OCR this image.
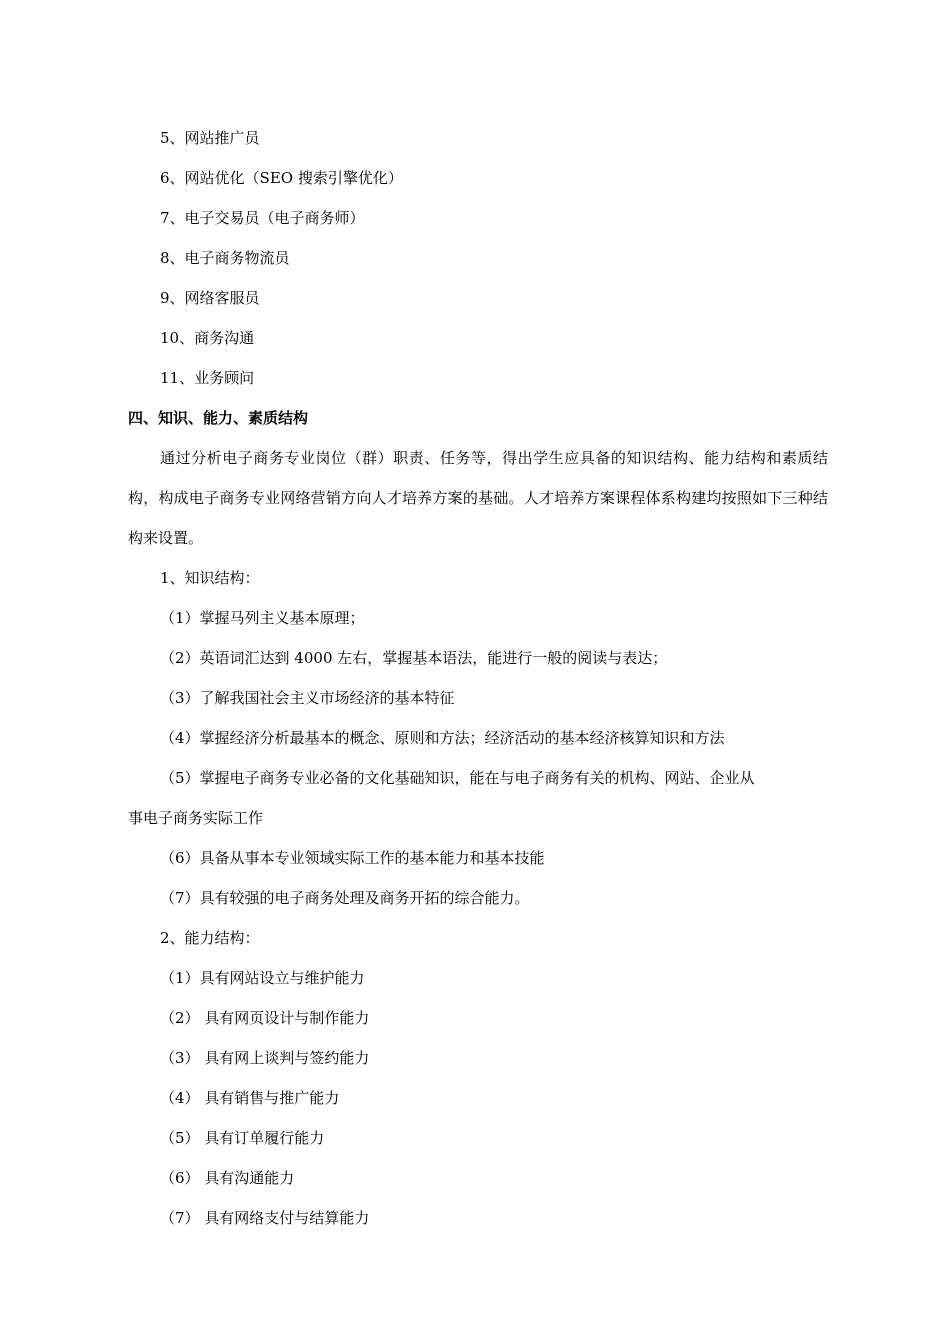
5、网站推广员
6、网站优化（SEO 搜索引擎优化）
7、电子交易员（电子商务师）
8、电子商务物流员
9、网络客服员
10、商务沟通
11、业务顾问
四、知识、能力、素质结构
通过分析电子商务专业岗位（群）职责、任务等，得出学生应具备的知识结构、能力结构和素质结构，构成电子商务专业网络营销方向人才培养方案的基础。人才培养方案课程体系构建均按照如下三种结构来设置。
1、知识结构：
（1）掌握马列主义基本原理；
（2）英语词汇达到 4000 左右，掌握基本语法，能进行一般的阅读与表达；
（3）了解我国社会主义市场经济的基本特征
（4）掌握经济分析最基本的概念、原则和方法；经济活动的基本经济核算知识和方法
（5）掌握电子商务专业必备的文化基础知识，能在与电子商务有关的机构、网站、企业从
事电子商务实际工作
（6）具备从事本专业领域实际工作的基本能力和基本技能
（7）具有较强的电子商务处理及商务开拓的综合能力。
2、能力结构：
（1）具有网站设立与维护能力
（2） 具有网页设计与制作能力
（3） 具有网上谈判与签约能力
（4） 具有销售与推广能力
（5） 具有订单履行能力
（6） 具有沟通能力
（7） 具有网络支付与结算能力
